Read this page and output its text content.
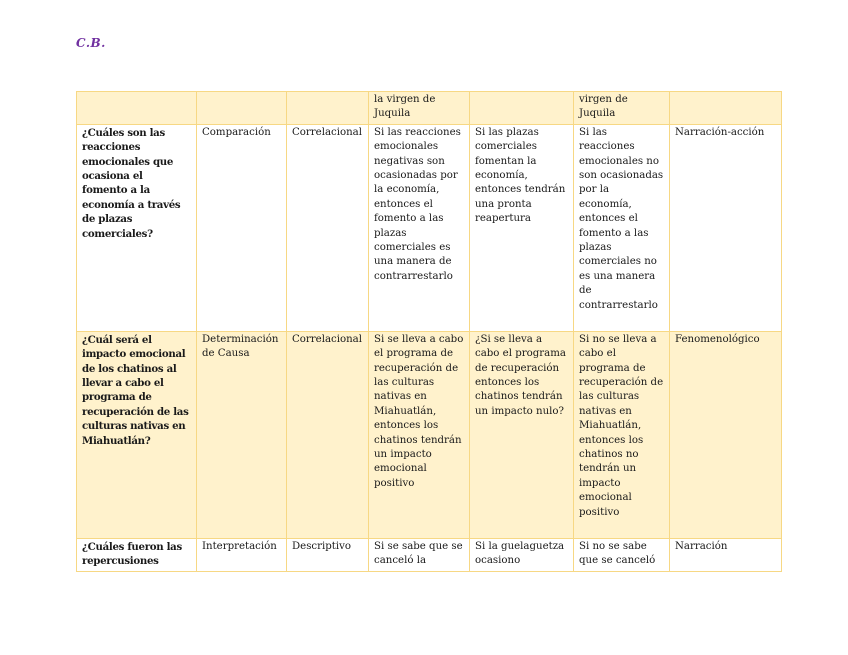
C.B.
			la virgen de Juquila		virgen de Juquila	
¿Cuáles son las reacciones emocionales que ocasiona el fomento a la economía a través de plazas comerciales?	Comparación	Correlacional	Si las reacciones emocionales negativas son ocasionadas por la economía, entonces el fomento a las plazas comerciales es una manera de contrarrestarlo	Si las plazas comerciales fomentan la economía, entonces tendrán una pronta reapertura	Si las reacciones emocionales no son ocasionadas por la economía, entonces el fomento a las plazas comerciales no es una manera de contrarrestarlo	Narración-acción
¿Cuál será el impacto emocional de los chatinos al llevar a cabo el programa de recuperación de las culturas nativas en Miahuatlán?	Determinación de Causa	Correlacional	Si se lleva a cabo el programa de recuperación de las culturas nativas en Miahuatlán, entonces los chatinos tendrán un impacto emocional positivo	¿Si se lleva a cabo el programa de recuperación entonces los chatinos tendrán un impacto nulo?	Si no se lleva a cabo el programa de recuperación de las culturas nativas en Miahuatlán, entonces los chatinos no tendrán un impacto emocional positivo	Fenomenológico
¿Cuáles fueron las repercusiones	Interpretación	Descriptivo	Si se sabe que se canceló la	Si la guelaguetza ocasiono	Si no se sabe que se canceló	Narración
